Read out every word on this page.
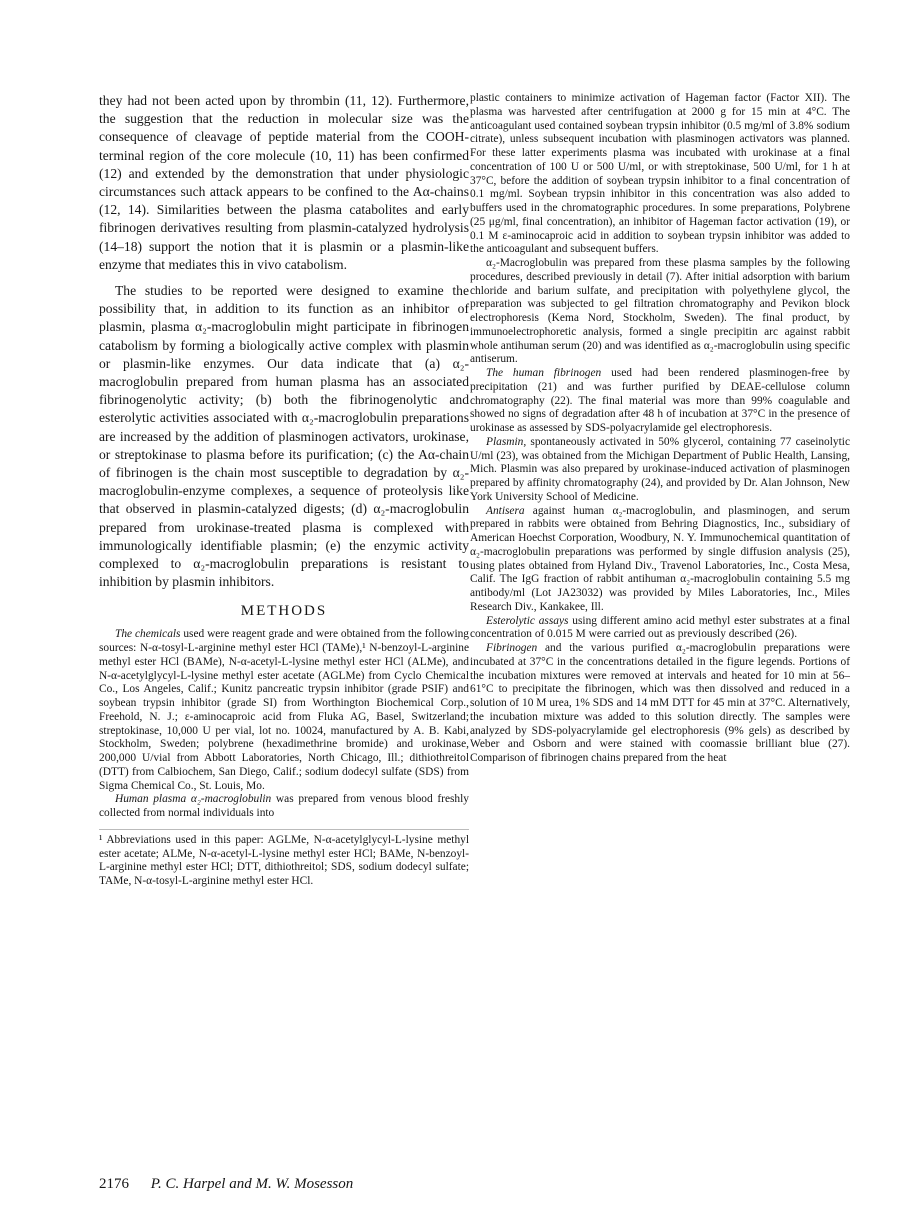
they had not been acted upon by thrombin (11, 12). Furthermore, the suggestion that the reduction in molecular size was the consequence of cleavage of peptide material from the COOH-terminal region of the core molecule (10, 11) has been confirmed (12) and extended by the demonstration that under physiologic circumstances such attack appears to be confined to the Aα-chains (12, 14). Similarities between the plasma catabolites and early fibrinogen derivatives resulting from plasmin-catalyzed hydrolysis (14–18) support the notion that it is plasmin or a plasmin-like enzyme that mediates this in vivo catabolism.

The studies to be reported were designed to examine the possibility that, in addition to its function as an inhibitor of plasmin, plasma α₂-macroglobulin might participate in fibrinogen catabolism by forming a biologically active complex with plasmin or plasmin-like enzymes. Our data indicate that (a) α₂-macroglobulin prepared from human plasma has an associated fibrinogenolytic activity; (b) both the fibrinogenolytic and esterolytic activities associated with α₂-macroglobulin preparations are increased by the addition of plasminogen activators, urokinase, or streptokinase to plasma before its purification; (c) the Aα-chain of fibrinogen is the chain most susceptible to degradation by α₂-macroglobulin-enzyme complexes, a sequence of proteolysis like that observed in plasmin-catalyzed digests; (d) α₂-macroglobulin prepared from urokinase-treated plasma is complexed with immunologically identifiable plasmin; (e) the enzymic activity complexed to α₂-macroglobulin preparations is resistant to inhibition by plasmin inhibitors.

METHODS

The chemicals used were reagent grade and were obtained from the following sources: N-α-tosyl-L-arginine methyl ester HCl (TAMe),¹ N-benzoyl-L-arginine methyl ester HCl (BAMe), N-α-acetyl-L-lysine methyl ester HCl (ALMe), and N-α-acetylglycyl-L-lysine methyl ester acetate (AGLMe) from Cyclo Chemical Co., Los Angeles, Calif.; Kunitz pancreatic trypsin inhibitor (grade PSIF) and soybean trypsin inhibitor (grade SI) from Worthington Biochemical Corp., Freehold, N. J.; ε-aminocaproic acid from Fluka AG, Basel, Switzerland; streptokinase, 10,000 U per vial, lot no. 10024, manufactured by A. B. Kabi, Stockholm, Sweden; polybrene (hexadimethrine bromide) and urokinase, 200,000 U/vial from Abbott Laboratories, North Chicago, Ill.; dithiothreitol (DTT) from Calbiochem, San Diego, Calif.; sodium dodecyl sulfate (SDS) from Sigma Chemical Co., St. Louis, Mo.

Human plasma α₂-macroglobulin was prepared from venous blood freshly collected from normal individuals into

¹ Abbreviations used in this paper: AGLMe, N-α-acetylglycyl-L-lysine methyl ester acetate; ALMe, N-α-acetyl-L-lysine methyl ester HCl; BAMe, N-benzoyl-L-arginine methyl ester HCl; DTT, dithiothreitol; SDS, sodium dodecyl sulfate; TAMe, N-α-tosyl-L-arginine methyl ester HCl.

plastic containers to minimize activation of Hageman factor (Factor XII). The plasma was harvested after centrifugation at 2000 g for 15 min at 4°C. The anticoagulant used contained soybean trypsin inhibitor (0.5 mg/ml of 3.8% sodium citrate), unless subsequent incubation with plasminogen activators was planned. For these latter experiments plasma was incubated with urokinase at a final concentration of 100 U or 500 U/ml, or with streptokinase, 500 U/ml, for 1 h at 37°C, before the addition of soybean trypsin inhibitor to a final concentration of 0.1 mg/ml. Soybean trypsin inhibitor in this concentration was also added to buffers used in the chromatographic procedures. In some preparations, Polybrene (25 μg/ml, final concentration), an inhibitor of Hageman factor activation (19), or 0.1 M ε-aminocaproic acid in addition to soybean trypsin inhibitor was added to the anticoagulant and subsequent buffers.

α₂-Macroglobulin was prepared from these plasma samples by the following procedures, described previously in detail (7). After initial adsorption with barium chloride and barium sulfate, and precipitation with polyethylene glycol, the preparation was subjected to gel filtration chromatography and Pevikon block electrophoresis (Kema Nord, Stockholm, Sweden). The final product, by immunoelectrophoretic analysis, formed a single precipitin arc against rabbit whole antihuman serum (20) and was identified as α₂-macroglobulin using specific antiserum.

The human fibrinogen used had been rendered plasminogen-free by precipitation (21) and was further purified by DEAE-cellulose column chromatography (22). The final material was more than 99% coagulable and showed no signs of degradation after 48 h of incubation at 37°C in the presence of urokinase as assessed by SDS-polyacrylamide gel electrophoresis.

Plasmin, spontaneously activated in 50% glycerol, containing 77 caseinolytic U/ml (23), was obtained from the Michigan Department of Public Health, Lansing, Mich. Plasmin was also prepared by urokinase-induced activation of plasminogen prepared by affinity chromatography (24), and provided by Dr. Alan Johnson, New York University School of Medicine.

Antisera against human α₂-macroglobulin, and plasminogen, and serum prepared in rabbits were obtained from Behring Diagnostics, Inc., subsidiary of American Hoechst Corporation, Woodbury, N. Y. Immunochemical quantitation of α₂-macroglobulin preparations was performed by single diffusion analysis (25), using plates obtained from Hyland Div., Travenol Laboratories, Inc., Costa Mesa, Calif. The IgG fraction of rabbit antihuman α₂-macroglobulin containing 5.5 mg antibody/ml (Lot JA23032) was provided by Miles Laboratories, Inc., Miles Research Div., Kankakee, Ill.

Esterolytic assays using different amino acid methyl ester substrates at a final concentration of 0.015 M were carried out as previously described (26).

Fibrinogen and the various purified α₂-macroglobulin preparations were incubated at 37°C in the concentrations detailed in the figure legends. Portions of the incubation mixtures were removed at intervals and heated for 10 min at 56–61°C to precipitate the fibrinogen, which was then dissolved and reduced in a solution of 10 M urea, 1% SDS and 14 mM DTT for 45 min at 37°C. Alternatively, the incubation mixture was added to this solution directly. The samples were analyzed by SDS-polyacrylamide gel electrophoresis (9% gels) as described by Weber and Osborn and were stained with coomassie brilliant blue (27). Comparison of fibrinogen chains prepared from the heat

2176 P. C. Harpel and M. W. Mosesson
